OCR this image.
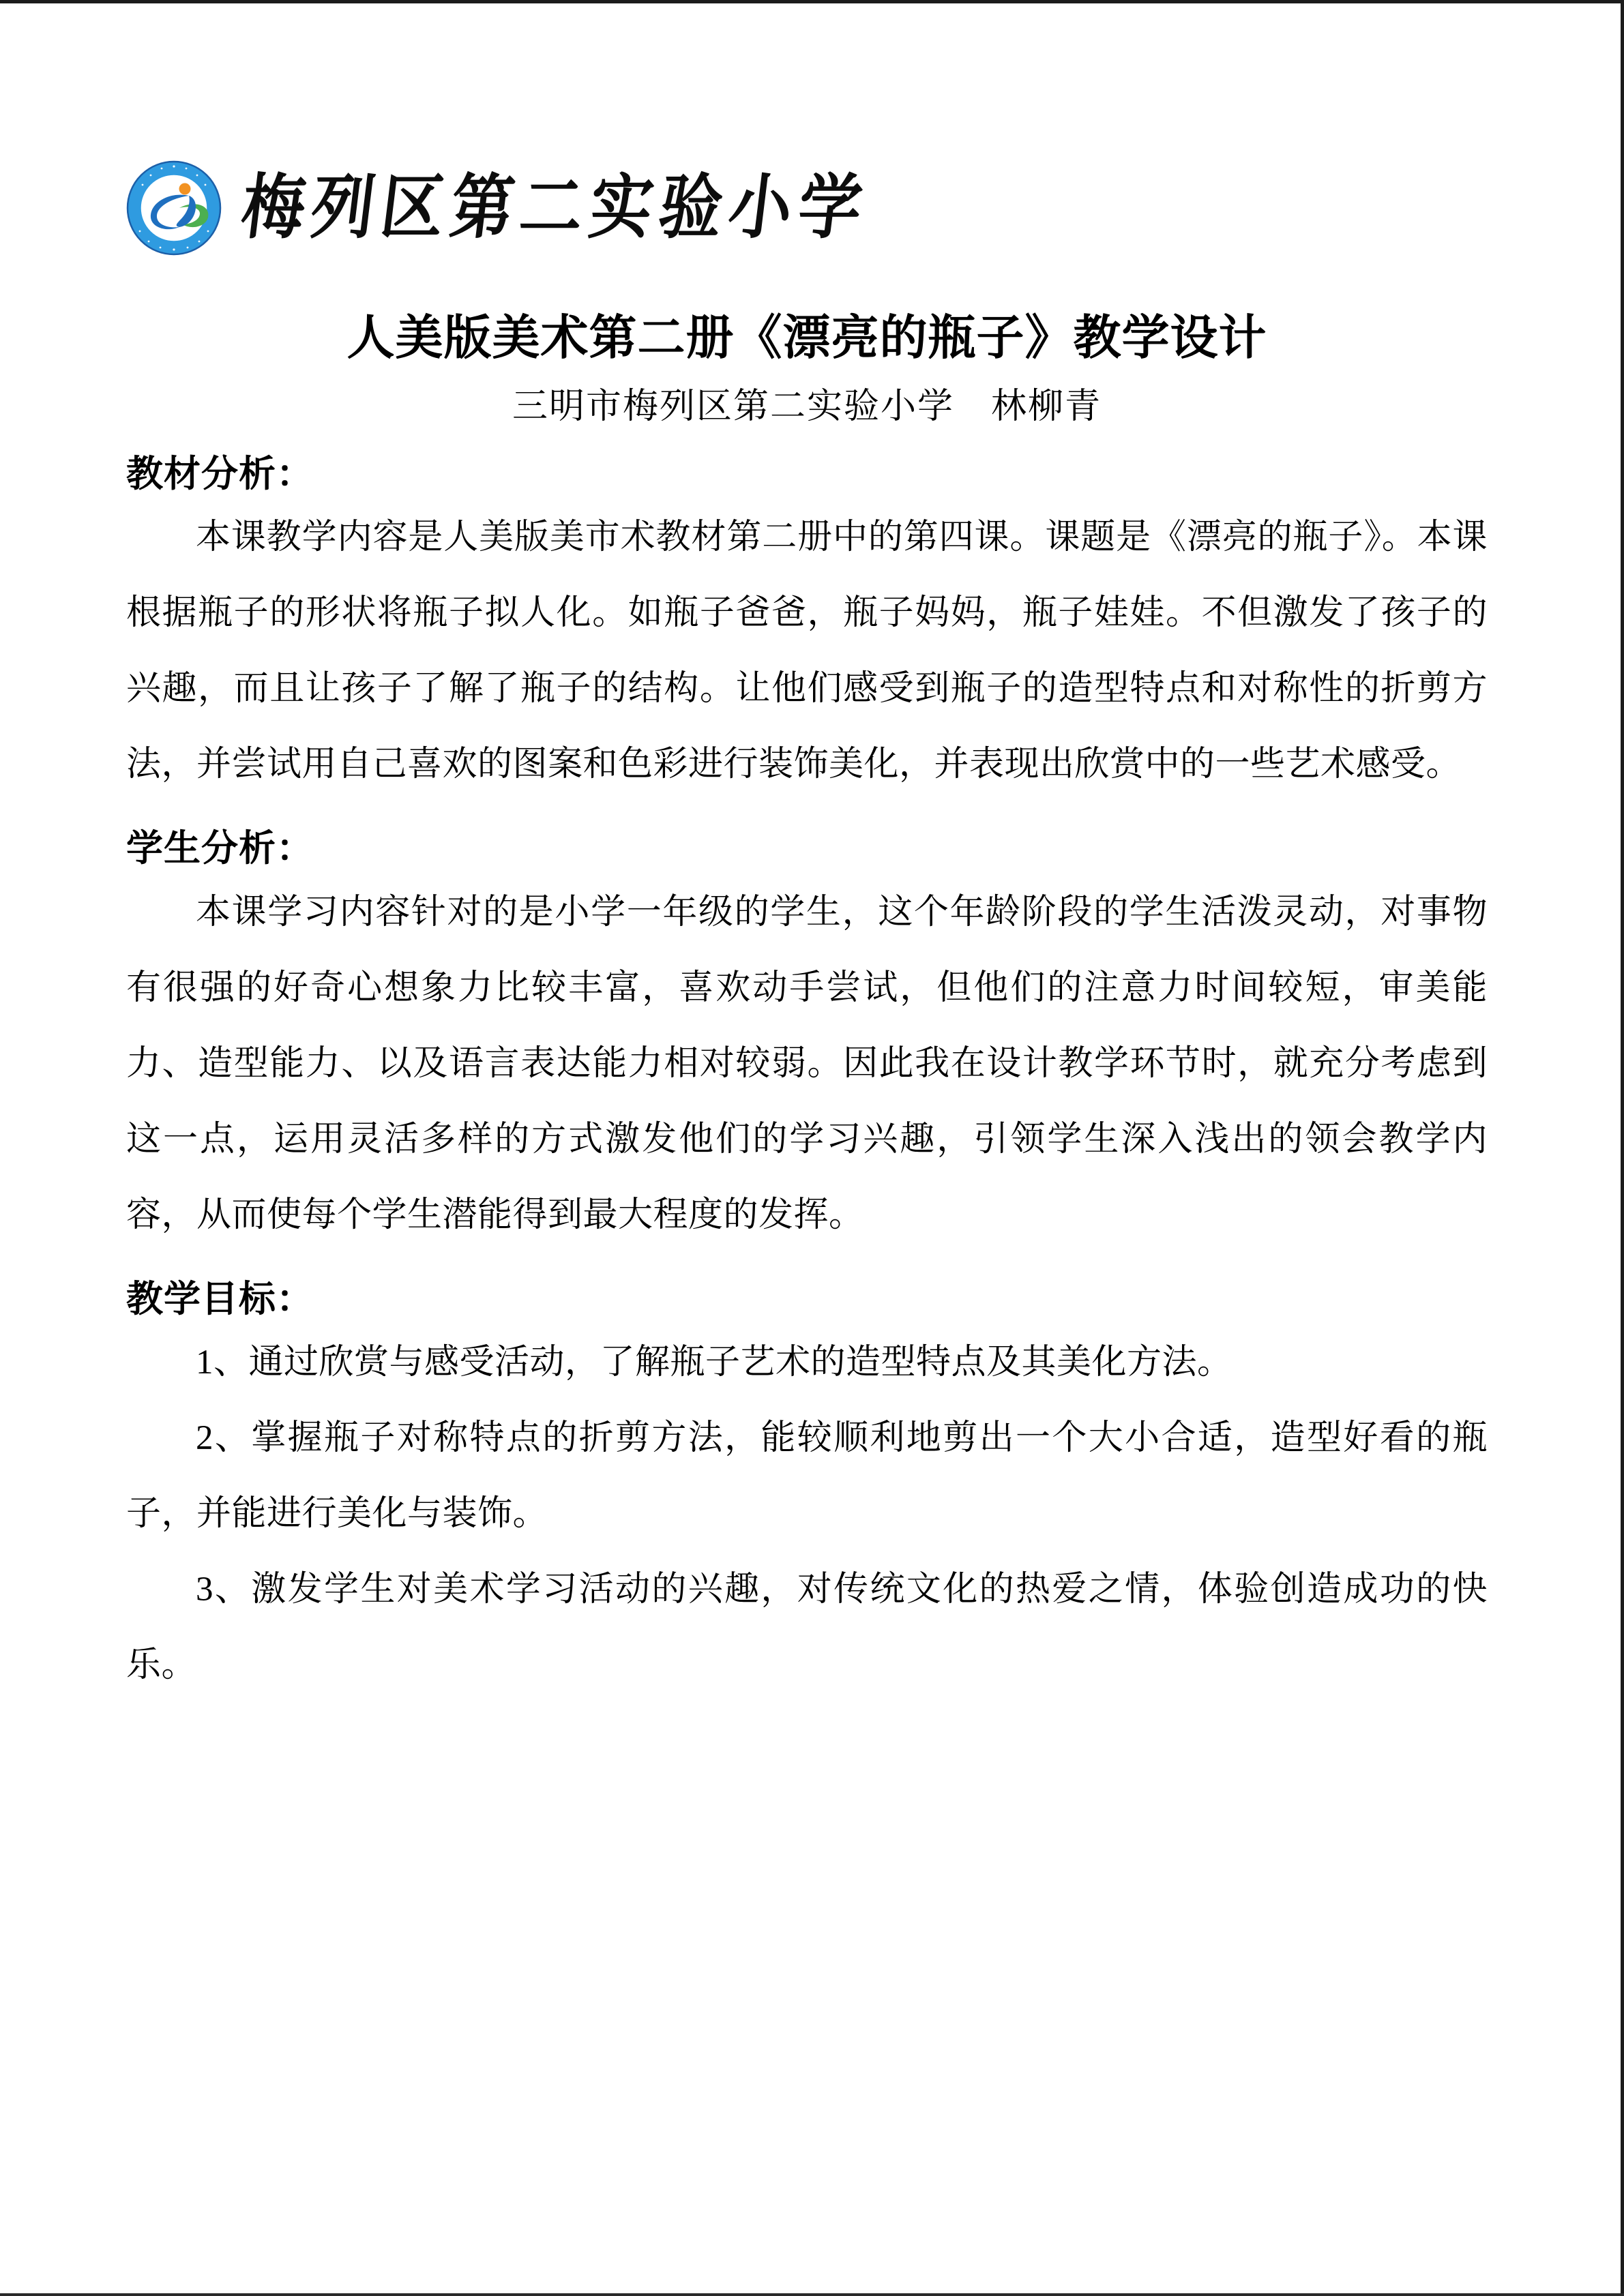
梅列区第二实验小学
人美版美术第二册《漂亮的瓶子》教学设计
三明市梅列区第二实验小学　林柳青
教材分析：

本课教学内容是人美版美市术教材第二册中的第四课。课题是《漂亮的瓶子》。本课根据瓶子的形状将瓶子拟人化。如瓶子爸爸，瓶子妈妈，瓶子娃娃。不但激发了孩子的兴趣，而且让孩子了解了瓶子的结构。让他们感受到瓶子的造型特点和对称性的折剪方法，并尝试用自己喜欢的图案和色彩进行装饰美化，并表现出欣赏中的一些艺术感受。

学生分析：

本课学习内容针对的是小学一年级的学生，这个年龄阶段的学生活泼灵动，对事物有很强的好奇心想象力比较丰富，喜欢动手尝试，但他们的注意力时间较短，审美能力、造型能力、以及语言表达能力相对较弱。因此我在设计教学环节时，就充分考虑到这一点，运用灵活多样的方式激发他们的学习兴趣，引领学生深入浅出的领会教学内容，从而使每个学生潜能得到最大程度的发挥。

教学目标：
1、通过欣赏与感受活动，了解瓶子艺术的造型特点及其美化方法。
2、掌握瓶子对称特点的折剪方法，能较顺利地剪出一个大小合适，造型好看的瓶子，并能进行美化与装饰。
3、激发学生对美术学习活动的兴趣，对传统文化的热爱之情，体验创造成功的快乐。
